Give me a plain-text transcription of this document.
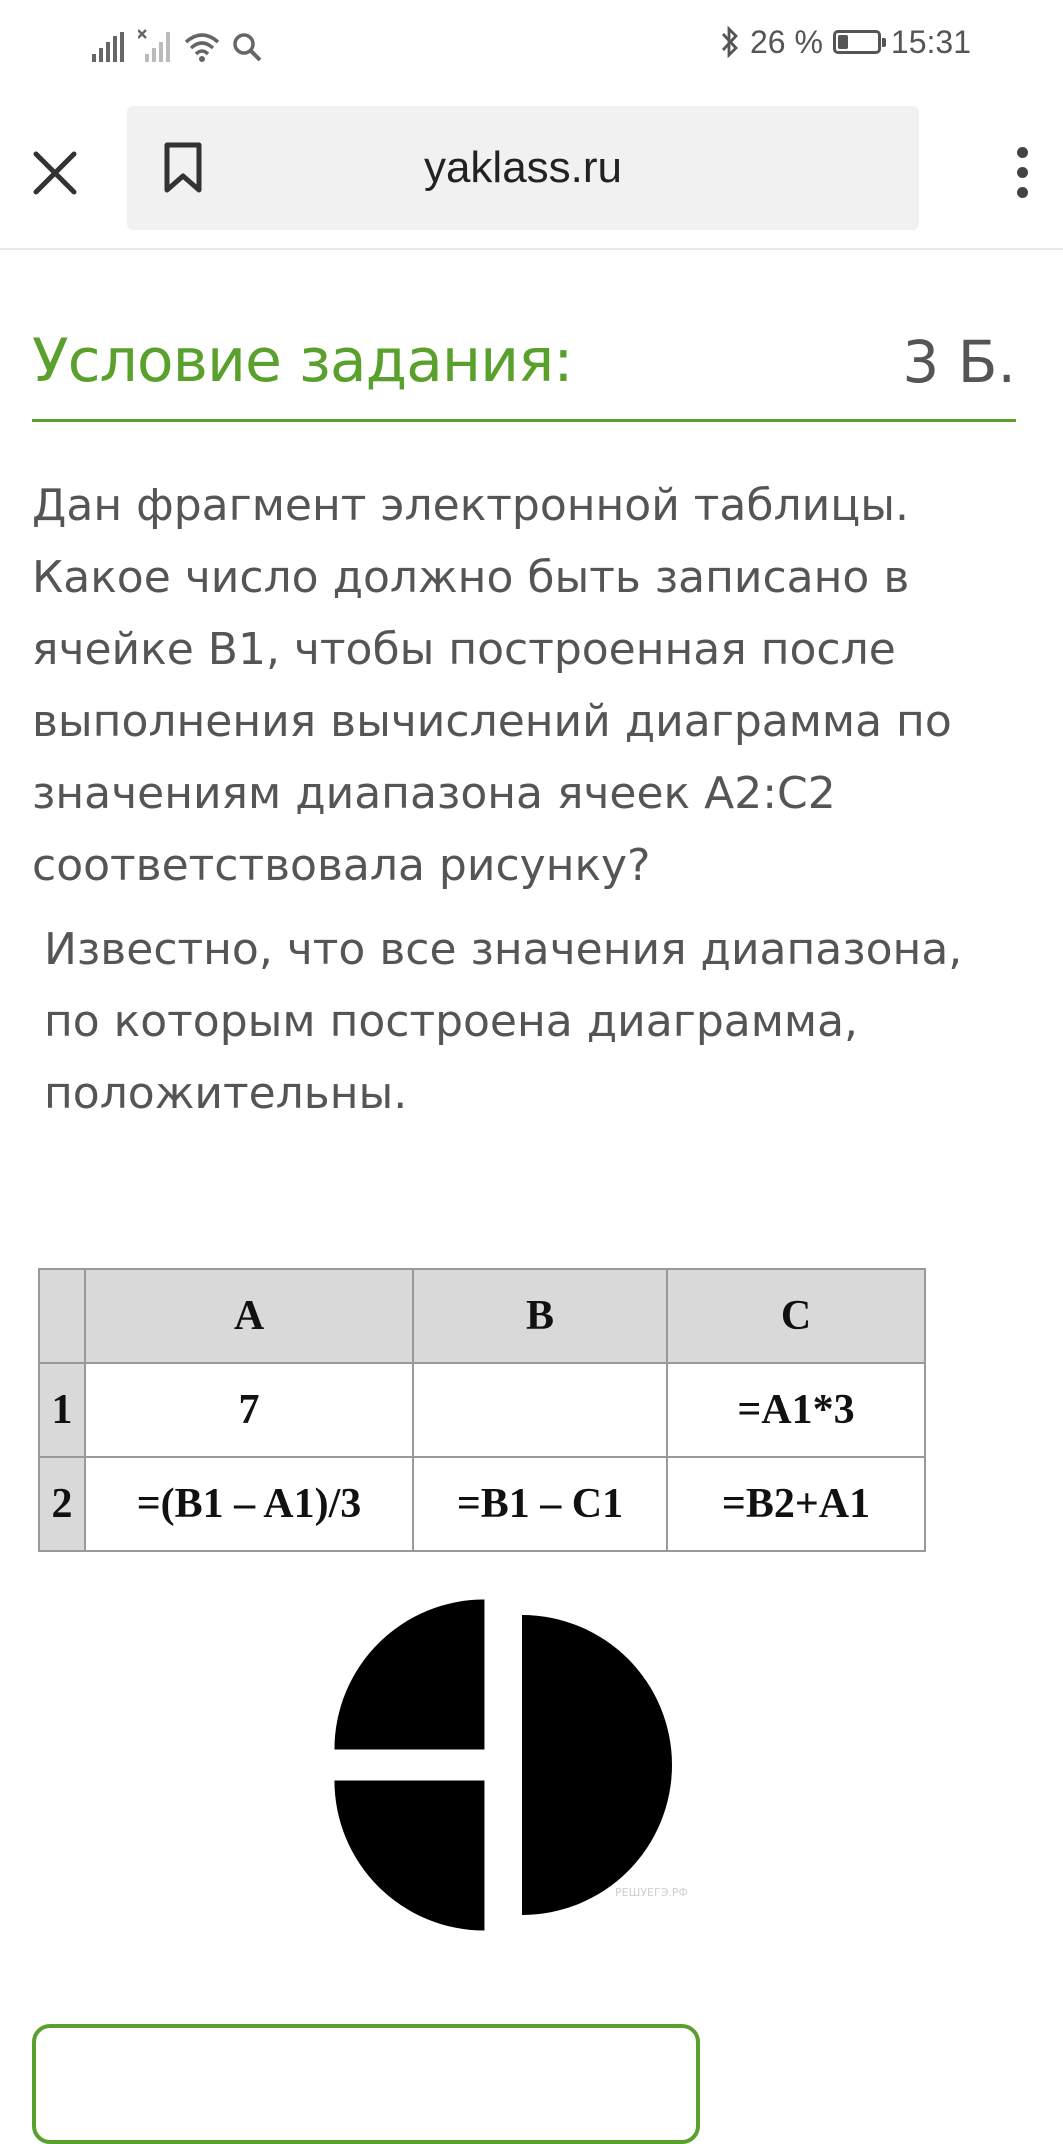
26 % 15:31
yaklass.ru
Условие задания:	3 Б.

Дан фрагмент электронной таблицы. Какое число должно быть записано в ячейке B1, чтобы построенная после выполнения вычислений диаграмма по значениям диапазона ячеек A2:C2 соответствовала рисунку?

Известно, что все значения диапазона, по которым построена диаграмма, положительны.

	A	B	C
1	7		=A1*3
2	=(B1 – A1)/3	=B1 – C1	=B2+A1
РЕШУЕГЭ.РФ
